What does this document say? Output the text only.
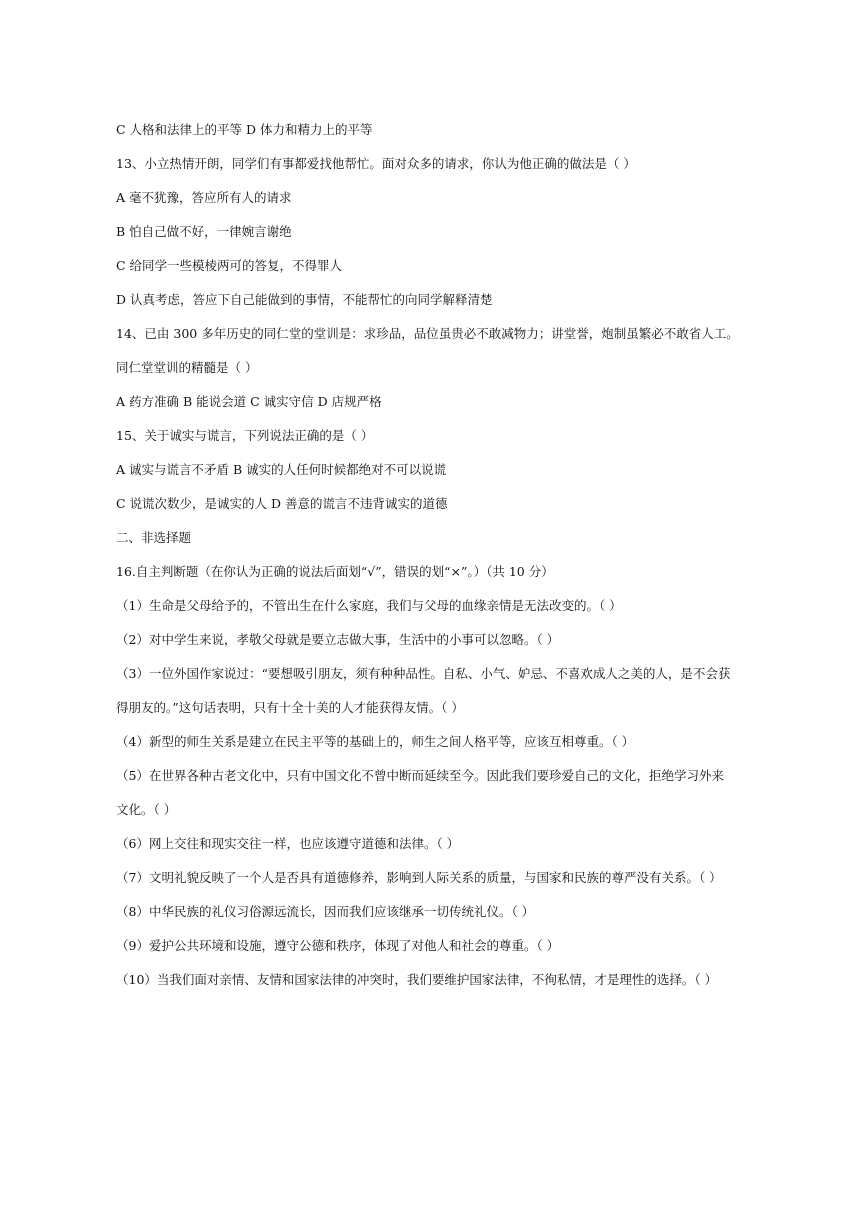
C 人格和法律上的平等 D 体力和精力上的平等

13、小立热情开朗，同学们有事都爱找他帮忙。面对众多的请求，你认为他正确的做法是（ ）

A 毫不犹豫，答应所有人的请求

B 怕自己做不好，一律婉言谢绝

C 给同学一些模棱两可的答复，不得罪人

D 认真考虑，答应下自己能做到的事情，不能帮忙的向同学解释清楚

14、已由 300 多年历史的同仁堂的堂训是：求珍品，品位虽贵必不敢减物力；讲堂誉，炮制虽繁必不敢省人工。

同仁堂堂训的精髓是（ ）

A 药方准确 B 能说会道 C 诚实守信 D 店规严格

15、关于诚实与谎言，下列说法正确的是（ ）

A 诚实与谎言不矛盾 B 诚实的人任何时候都绝对不可以说谎

C 说谎次数少，是诚实的人 D 善意的谎言不违背诚实的道德

二、非选择题

16.自主判断题（在你认为正确的说法后面划“√”，错误的划“×”。）（共 10 分）

（1）生命是父母给予的，不管出生在什么家庭，我们与父母的血缘亲情是无法改变的。（ ）

（2）对中学生来说，孝敬父母就是要立志做大事，生活中的小事可以忽略。（ ）

（3）一位外国作家说过：“要想吸引朋友，须有种种品性。自私、小气、妒忌、不喜欢成人之美的人，是不会获

得朋友的。”这句话表明，只有十全十美的人才能获得友情。（ ）

（4）新型的师生关系是建立在民主平等的基础上的，师生之间人格平等，应该互相尊重。（ ）

（5）在世界各种古老文化中，只有中国文化不曾中断而延续至今。因此我们要珍爱自己的文化，拒绝学习外来

文化。（ ）

（6）网上交往和现实交往一样，也应该遵守道德和法律。（ ）

（7）文明礼貌反映了一个人是否具有道德修养，影响到人际关系的质量，与国家和民族的尊严没有关系。（ ）

（8）中华民族的礼仪习俗源远流长，因而我们应该继承一切传统礼仪。（ ）

（9）爱护公共环境和设施，遵守公德和秩序，体现了对他人和社会的尊重。（ ）

（10）当我们面对亲情、友情和国家法律的冲突时，我们要维护国家法律，不徇私情，才是理性的选择。（ ）
